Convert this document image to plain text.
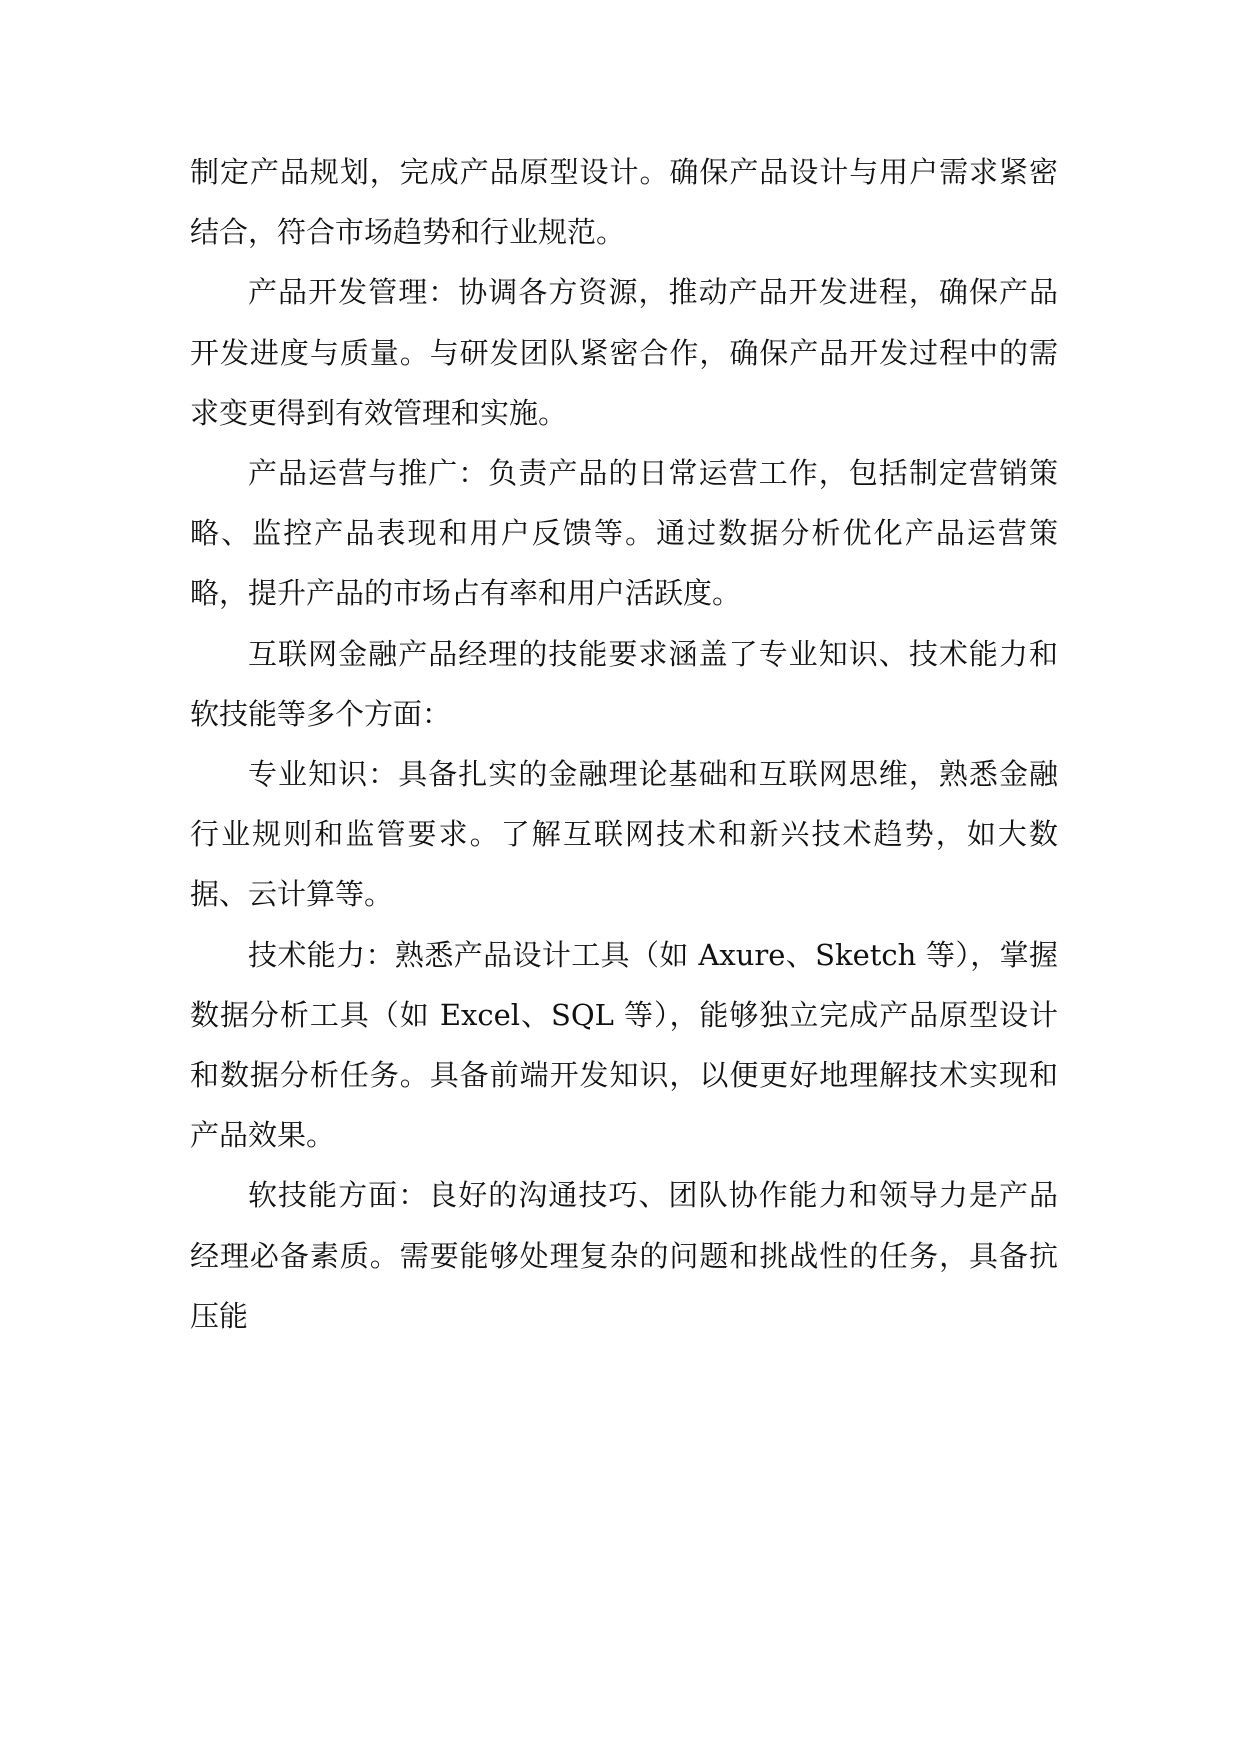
制定产品规划，完成产品原型设计。确保产品设计与用户需求紧密结合，符合市场趋势和行业规范。

产品开发管理：协调各方资源，推动产品开发进程，确保产品开发进度与质量。与研发团队紧密合作，确保产品开发过程中的需求变更得到有效管理和实施。

产品运营与推广：负责产品的日常运营工作，包括制定营销策略、监控产品表现和用户反馈等。通过数据分析优化产品运营策略，提升产品的市场占有率和用户活跃度。

互联网金融产品经理的技能要求涵盖了专业知识、技术能力和软技能等多个方面：

专业知识：具备扎实的金融理论基础和互联网思维，熟悉金融行业规则和监管要求。了解互联网技术和新兴技术趋势，如大数据、云计算等。

技术能力：熟悉产品设计工具（如 Axure、Sketch 等），掌握数据分析工具（如 Excel、SQL 等），能够独立完成产品原型设计和数据分析任务。具备前端开发知识，以便更好地理解技术实现和产品效果。

软技能方面：良好的沟通技巧、团队协作能力和领导力是产品经理必备素质。需要能够处理复杂的问题和挑战性的任务，具备抗压能
